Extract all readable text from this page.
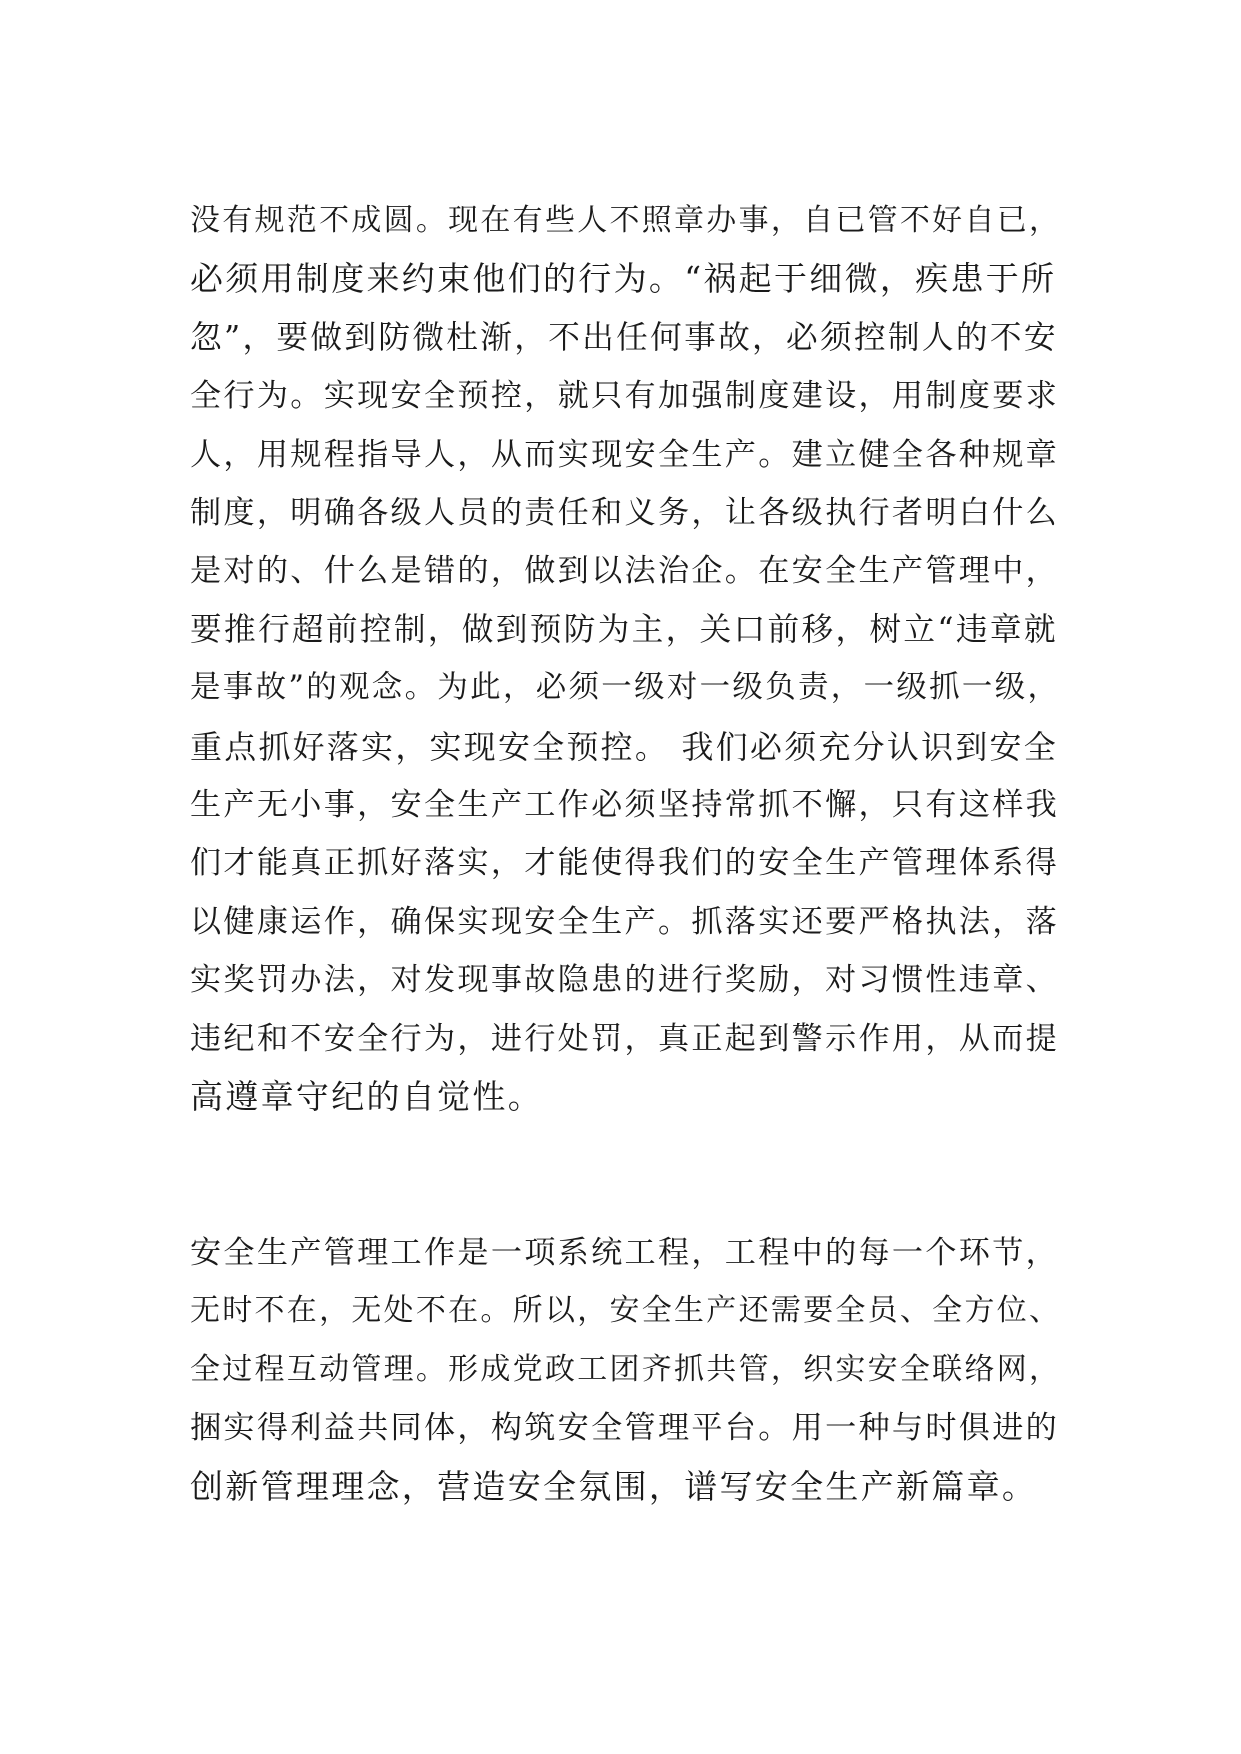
没有规范不成圆。现在有些人不照章办事，自已管不好自已，
必须用制度来约束他们的行为。“祸起于细微，疾患于所
忽”，要做到防微杜渐，不出任何事故，必须控制人的不安
全行为。实现安全预控，就只有加强制度建设，用制度要求
人，用规程指导人，从而实现安全生产。建立健全各种规章
制度，明确各级人员的责任和义务，让各级执行者明白什么
是对的、什么是错的，做到以法治企。在安全生产管理中，
要推行超前控制，做到预防为主，关口前移，树立“违章就
是事故”的观念。为此，必须一级对一级负责，一级抓一级，
重点抓好落实，实现安全预控。 我们必须充分认识到安全
生产无小事，安全生产工作必须坚持常抓不懈，只有这样我
们才能真正抓好落实，才能使得我们的安全生产管理体系得
以健康运作，确保实现安全生产。抓落实还要严格执法，落
实奖罚办法，对发现事故隐患的进行奖励，对习惯性违章、
违纪和不安全行为，进行处罚，真正起到警示作用，从而提
高遵章守纪的自觉性。
安全生产管理工作是一项系统工程，工程中的每一个环节，
无时不在，无处不在。所以，安全生产还需要全员、全方位、
全过程互动管理。形成党政工团齐抓共管，织实安全联络网，
捆实得利益共同体，构筑安全管理平台。用一种与时俱进的
创新管理理念，营造安全氛围，谱写安全生产新篇章。
